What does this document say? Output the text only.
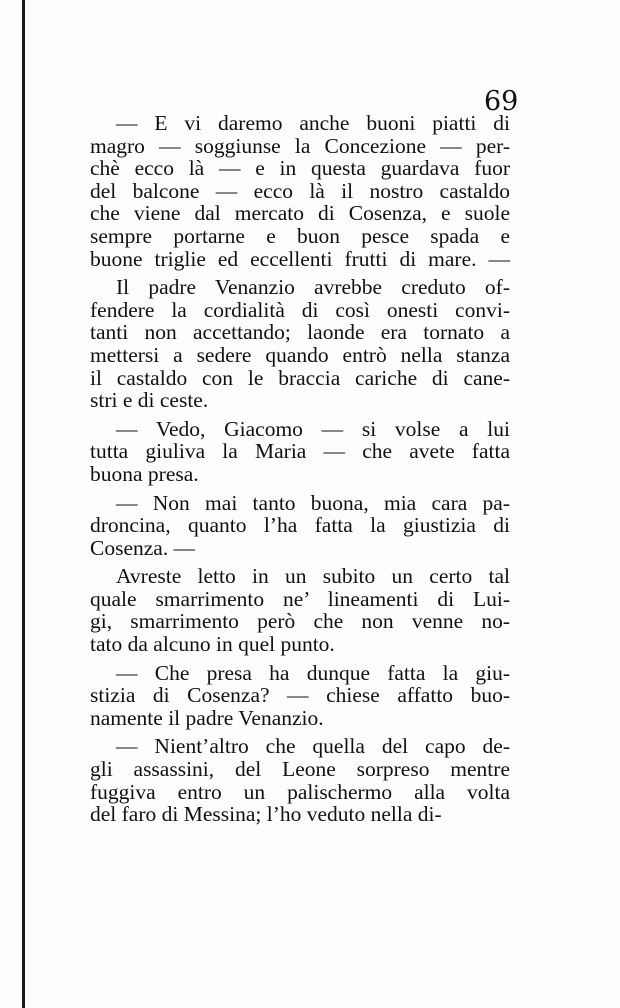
69
— E vi daremo anche buoni piatti di
magro — soggiunse la Concezione — per-
chè ecco là — e in questa guardava fuor
del balcone — ecco là il nostro castaldo
che viene dal mercato di Cosenza, e suole
sempre portarne e buon pesce spada e
buone triglie ed eccellenti frutti di mare. —
Il padre Venanzio avrebbe creduto of-
fendere la cordialità di così onesti convi-
tanti non accettando; laonde era tornato a
mettersi a sedere quando entrò nella stanza
il castaldo con le braccia cariche di cane-
stri e di ceste.
— Vedo, Giacomo — si volse a lui
tutta giuliva la Maria — che avete fatta
buona presa.
— Non mai tanto buona, mia cara pa-
droncina, quanto l’ha fatta la giustizia di
Cosenza. —
Avreste letto in un subito un certo tal
quale smarrimento ne’ lineamenti di Lui-
gi, smarrimento però che non venne no-
tato da alcuno in quel punto.
— Che presa ha dunque fatta la giu-
stizia di Cosenza? — chiese affatto buo-
namente il padre Venanzio.
— Nient’altro che quella del capo de-
gli assassini, del Leone sorpreso mentre
fuggiva entro un palischermo alla volta
del faro di Messina; l’ho veduto nella di-
